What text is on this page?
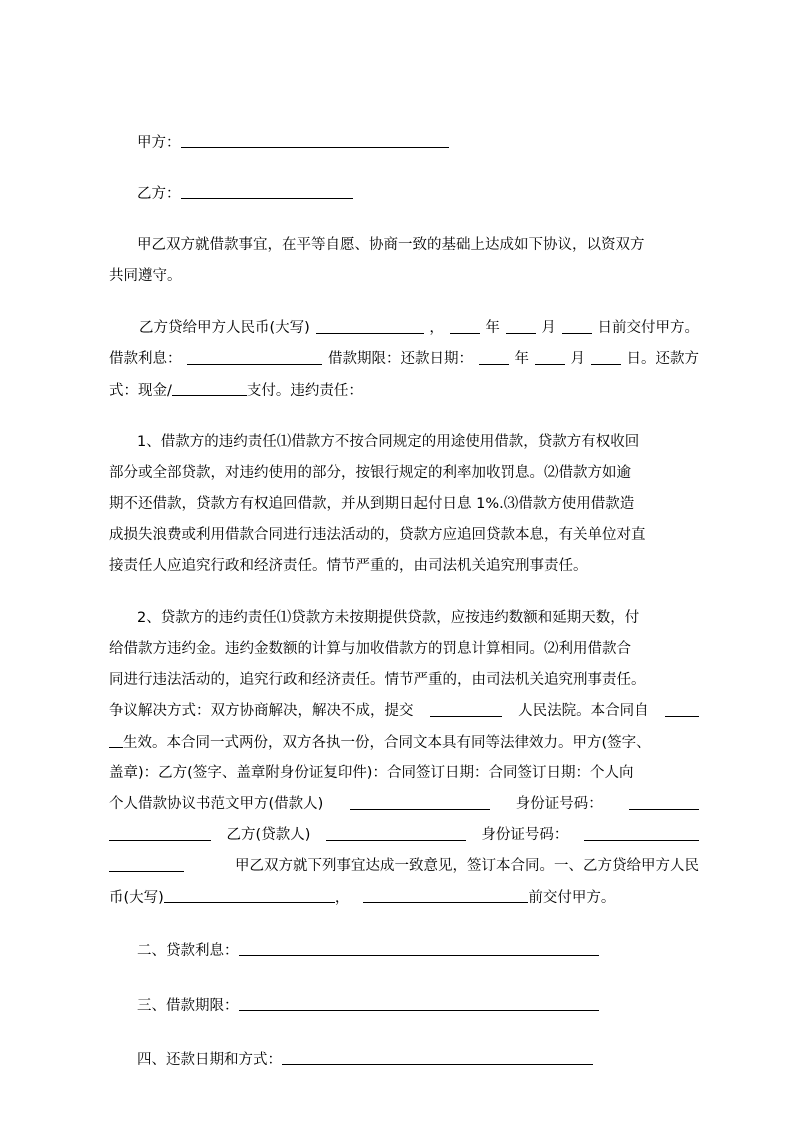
甲方：
乙方：
甲乙双方就借款事宜，在平等自愿、协商一致的基础上达成如下协议，以资双方
共同遵守。
乙方贷给甲方人民币(大写)	，	年	月	日前交付甲方。
借款利息：	借款期限：还款日期：	年	月	日。还款方
式：现金/	支付。违约责任：
1、借款方的违约责任⑴借款方不按合同规定的用途使用借款，贷款方有权收回
部分或全部贷款，对违约使用的部分，按银行规定的利率加收罚息。⑵借款方如逾
期不还借款，贷款方有权追回借款，并从到期日起付日息 1%.⑶借款方使用借款造
成损失浪费或利用借款合同进行违法活动的，贷款方应追回贷款本息，有关单位对直
接责任人应追究行政和经济责任。情节严重的，由司法机关追究刑事责任。
2、贷款方的违约责任⑴贷款方未按期提供贷款，应按违约数额和延期天数，付
给借款方违约金。违约金数额的计算与加收借款方的罚息计算相同。⑵利用借款合
同进行违法活动的，追究行政和经济责任。情节严重的，由司法机关追究刑事责任。
争议解决方式：双方协商解决，解决不成，提交	人民法院。本合同自
生效。本合同一式两份，双方各执一份，合同文本具有同等法律效力。甲方(签字、
盖章)：乙方(签字、盖章附身份证复印件)：合同签订日期：合同签订日期：个人向
个人借款协议书范文甲方(借款人)	身份证号码：
乙方(贷款人)	身份证号码：
甲乙双方就下列事宜达成一致意见，签订本合同。一、乙方贷给甲方人民
币(大写)	，	前交付甲方。
二、贷款利息：
三、借款期限：
四、还款日期和方式：
